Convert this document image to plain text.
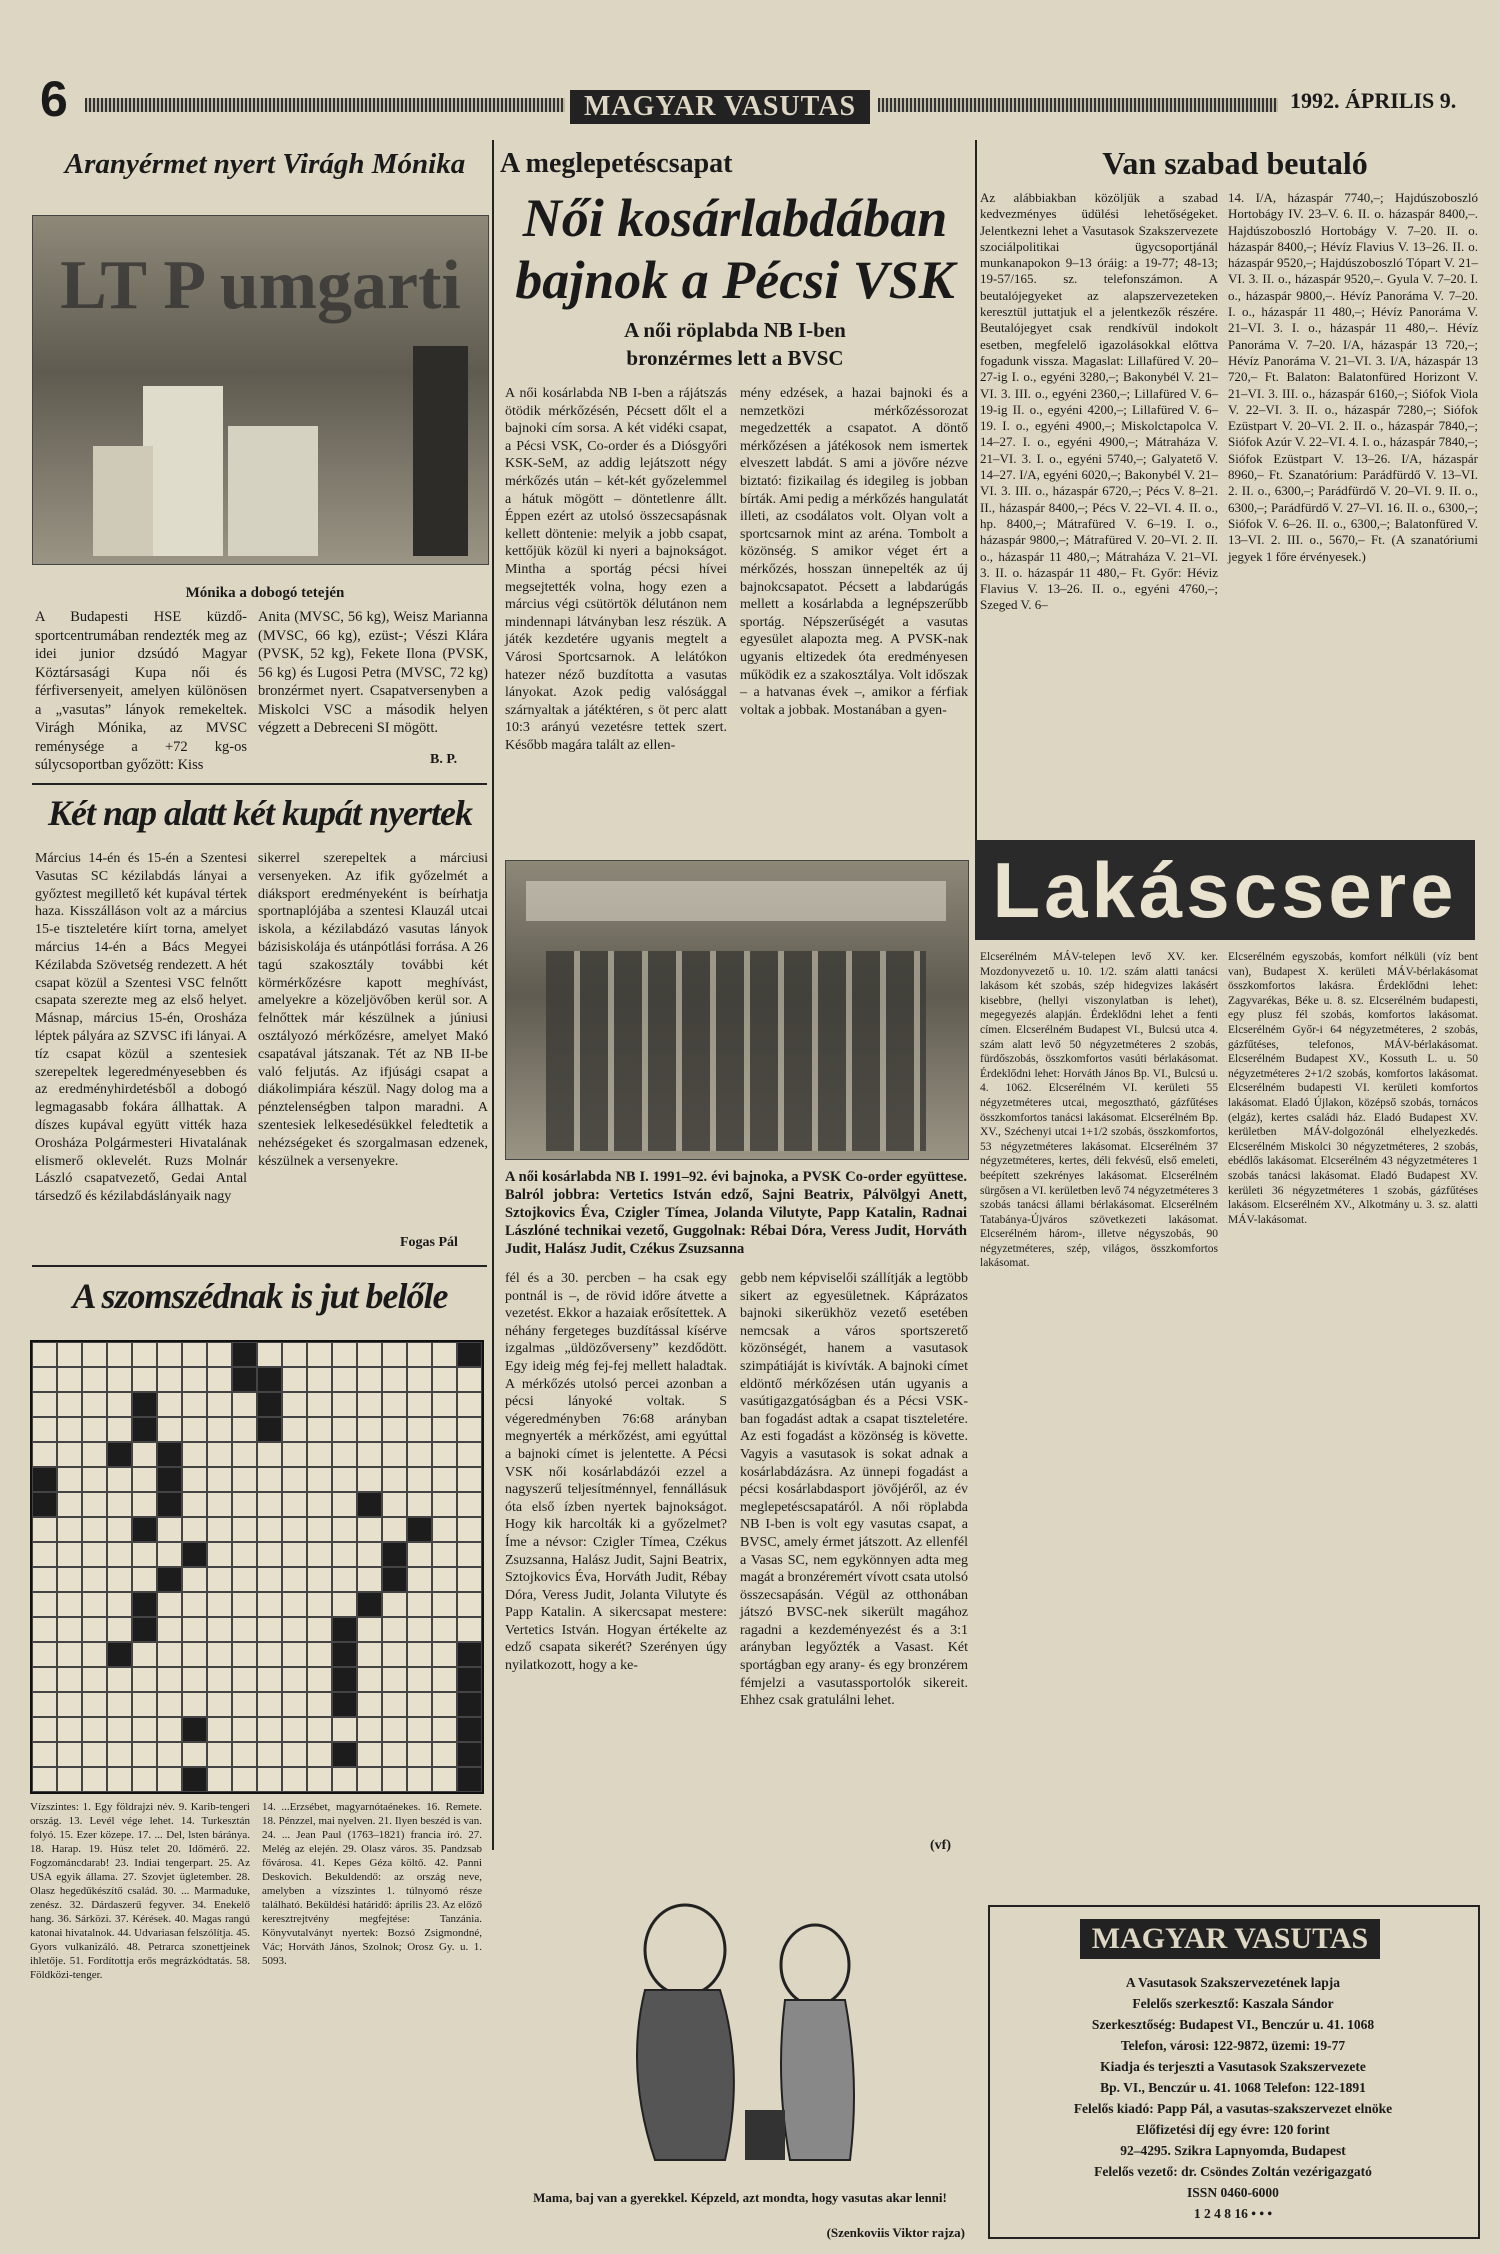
6	MAGYAR VASUTAS	1992. ÁPRILIS 9.
Aranyérmet nyert Virágh Mónika
LT P umgarti
Mónika a dobogó tetején
A Budapesti HSE küzdő-sportcentrumában rendezték meg az idei junior dzsúdó Magyar Köztársasági Kupa női és férfiversenyeit, amelyen különösen a „vasutas” lányok remekeltek. Virágh Mónika, az MVSC reménysége a +72 kg-os súlycsoportban győzött: Kiss
Anita (MVSC, 56 kg), Weisz Marianna (MVSC, 66 kg), ezüst-; Vészi Klára (PVSK, 52 kg), Fekete Ilona (PVSK, 56 kg) és Lugosi Petra (MVSC, 72 kg) bronzérmet nyert. Csapatversenyben a Miskolci VSC a második helyen végzett a Debreceni SI mögött.
B. P.
Két nap alatt két kupát nyertek
Március 14-én és 15-én a Szentesi Vasutas SC kézilabdás lányai a győztest megillető két kupával tértek haza. Kisszálláson volt az a március 15-e tiszteletére kiírt torna, amelyet március 14-én a Bács Megyei Kézilabda Szövetség rendezett. A hét csapat közül a Szentesi VSC felnőtt csapata szerezte meg az első helyet. Másnap, március 15-én, Orosháza léptek pályára az SZVSC ifi lányai. A tíz csapat közül a szentesiek szerepeltek legeredményesebben és az eredményhirdetésből a dobogó legmagasabb fokára állhattak. A díszes kupával együtt vitték haza Orosháza Polgármesteri Hivatalának elismerő oklevelét. Ruzs Molnár László csapatvezető, Gedai Antal társedző és kézilabdáslányaik nagy
sikerrel szerepeltek a márciusi versenyeken. Az ifik győzelmét a diáksport eredményeként is beírhatja sportnaplójába a szentesi Klauzál utcai iskola, a kézilabdázó vasutas lányok bázisiskolája és utánpótlási forrása. A 26 tagú szakosztály további két körmérkőzésre kapott meghívást, amelyekre a közeljövőben kerül sor. A felnőttek már készülnek a júniusi osztályozó mérkőzésre, amelyet Makó csapatával játszanak. Tét az NB II-be való feljutás. Az ifjúsági csapat a diákolimpiára készül. Nagy dolog ma a pénztelenségben talpon maradni. A szentesiek lelkesedésükkel feledtetik a nehézségeket és szorgalmasan edzenek, készülnek a versenyekre.
Fogas Pál
A szomszédnak is jut belőle
Vízszintes: 1. Egy földrajzi név. 9. Karib-tengeri ország. 13. Levél vége lehet. 14. Turkesztán folyó. 15. Ezer közepe. 17. ... Del, lsten báránya. 18. Harap. 19. Húsz telet 20. Időmérő. 22. Fogzománcdarab! 23. Indiai tengerpart. 25. Az USA egyik állama. 27. Szovjet ügletember. 28. Olasz hegedűkészítő család. 30. ... Marmaduke, zenész. 32. Dárdaszerű fegyver. 34. Enekelő hang. 36. Sárközi. 37. Kérések. 40. Magas rangú katonai hivatalnok. 44. Udvariasan felszólítja. 45. Gyors vulkanizáló. 48. Petrarca szonettjeinek ihletője. 51. Fordítottja erős megrázkódtatás. 58. Földközi-tenger.
14. ...Erzsébet, magyarnótaénekes. 16. Remete. 18. Pénzzel, mai nyelven. 21. Ilyen beszéd is van. 24. ... Jean Paul (1763–1821) francia író. 27. Melég az elején. 29. Olasz város. 35. Pandzsab fővárosa. 41. Kepes Géza költő. 42. Panni Deskovich. Bekuldendő: az ország neve, amelyben a vízszintes 1. túlnyomó része található. Beküldési határidő: április 23. Az előző keresztrejtvény megfejtése: Tanzánia. Könyvutalványt nyertek: Bozsó Zsigmondné, Vác; Horváth János, Szolnok; Orosz Gy. u. 1. 5093.
A meglepetéscsapat
Női kosárlabdában
bajnok a Pécsi VSK
A női röplabda NB I-ben
bronzérmes lett a BVSC
A női kosárlabda NB I-ben a rájátszás ötödik mérkőzésén, Pécsett dőlt el a bajnoki cím sorsa. A két vidéki csapat, a Pécsi VSK, Co-order és a Diósgyőri KSK-SeM, az addig lejátszott négy mérkőzés után – két-két győzelemmel a hátuk mögött – döntetlenre állt. Éppen ezért az utolsó összecsapásnak kellett döntenie: melyik a jobb csapat, kettőjük közül ki nyeri a bajnokságot. Mintha a sportág pécsi hívei megsejtették volna, hogy ezen a március végi csütörtök délutánon nem mindennapi látványban lesz részük. A játék kezdetére ugyanis megtelt a Városi Sportcsarnok. A lelátókon hatezer néző buzdította a vasutas lányokat. Azok pedig valósággal szárnyaltak a játéktéren, s öt perc alatt 10:3 arányú vezetésre tettek szert. Később magára talált az ellen-
mény edzések, a hazai bajnoki és a nemzetközi mérkőzéssorozat megedzették a csapatot. A döntő mérkőzésen a játékosok nem ismertek elveszett labdát. S ami a jövőre nézve biztató: fizikailag és idegileg is jobban bírták. Ami pedig a mérkőzés hangulatát illeti, az csodálatos volt. Olyan volt a sportcsarnok mint az aréna. Tombolt a közönség. S amikor véget ért a mérkőzés, hosszan ünnepelték az új bajnokcsapatot. Pécsett a labdarúgás mellett a kosárlabda a legnépszerűbb sportág. Népszerűségét a vasutas egyesület alapozta meg. A PVSK-nak ugyanis eltizedek óta eredményesen működik ez a szakosztálya. Volt időszak – a hatvanas évek –, amikor a férfiak voltak a jobbak. Mostanában a gyen-
A női kosárlabda NB I. 1991–92. évi bajnoka, a PVSK Co-order együttese. Balról jobbra: Vertetics István edző, Sajni Beatrix, Pálvölgyi Anett, Sztojkovics Éva, Czigler Tímea, Jolanda Vilutyte, Papp Katalin, Radnai Lászlóné technikai vezető, Guggolnak: Rébai Dóra, Veress Judit, Horváth Judit, Halász Judit, Czékus Zsuzsanna
fél és a 30. percben – ha csak egy pontnál is –, de rövid időre átvette a vezetést. Ekkor a hazaiak erősítettek. A néhány fergeteges buzdítással kísérve izgalmas „üldözőverseny” kezdődött. Egy ideig még fej-fej mellett haladtak. A mérkőzés utolsó percei azonban a pécsi lányoké voltak. S végeredményben 76:68 arányban megnyerték a mérkőzést, ami egyúttal a bajnoki címet is jelentette. A Pécsi VSK női kosárlabdázói ezzel a nagyszerű teljesítménnyel, fennállásuk óta első ízben nyertek bajnokságot. Hogy kik harcolták ki a győzelmet? Íme a névsor: Czigler Tímea, Czékus Zsuzsanna, Halász Judit, Sajni Beatrix, Sztojkovics Éva, Horváth Judit, Rébay Dóra, Veress Judit, Jolanta Vilutyte és Papp Katalin. A sikercsapat mestere: Vertetics István. Hogyan értékelte az edző csapata sikerét? Szerényen úgy nyilatkozott, hogy a ke-
gebb nem képviselői szállítják a legtöbb sikert az egyesületnek. Káprázatos bajnoki sikerükhöz vezető esetében nemcsak a város sportszerető közönségét, hanem a vasutasok szimpátiáját is kivívták. A bajnoki címet eldöntő mérkőzésen után ugyanis a vasútigazgatóságban és a Pécsi VSK-ban fogadást adtak a csapat tiszteletére. Az esti fogadást a közönség is követte. Vagyis a vasutasok is sokat adnak a kosárlabdázásra. Az ünnepi fogadást a pécsi kosárlabdasport jövőjéről, az év meglepetéscsapatáról. A női röplabda NB I-ben is volt egy vasutas csapat, a BVSC, amely érmet játszott. Az ellenfél a Vasas SC, nem egykönnyen adta meg magát a bronzéremért vívott csata utolsó összecsapásán. Végül az otthonában játszó BVSC-nek sikerült magához ragadni a kezdeményezést és a 3:1 arányban legyőzték a Vasast. Két sportágban egy arany- és egy bronzérem fémjelzi a vasutassportolók sikereit. Ehhez csak gratulálni lehet.
(vf)
Van szabad beutaló
Az alábbiakban közöljük a szabad kedvezményes üdülési lehetőségeket. Jelentkezni lehet a Vasutasok Szakszervezete szociálpolitikai ügycsoportjánál munkanapokon 9–13 óráig: a 19-77; 48-13; 19-57/165. sz. telefonszámon. A beutalójegyeket az alapszervezeteken keresztül juttatjuk el a jelentkezők részére. Beutalójegyet csak rendkívül indokolt esetben, megfelelő igazolásokkal előttva fogadunk vissza. Magaslat: Lillafüred V. 20–27-ig I. o., egyéni 3280,–; Bakonybél V. 21–VI. 3. III. o., egyéni 2360,–; Lillafüred V. 6–19-ig II. o., egyéni 4200,–; Lillafüred V. 6–19. I. o., egyéni 4900,–; Miskolctapolca V. 14–27. I. o., egyéni 4900,–; Mátraháza V. 21–VI. 3. I. o., egyéni 5740,–; Galyatető V. 14–27. I/A, egyéni 6020,–; Bakonybél V. 21–VI. 3. III. o., házaspár 6720,–; Pécs V. 8–21. II., házaspár 8400,–; Pécs V. 22–VI. 4. II. o., hp. 8400,–; Mátrafüred V. 6–19. I. o., házaspár 9800,–; Mátrafüred V. 20–VI. 2. II. o., házaspár 11 480,–; Mátraháza V. 21–VI. 3. II. o. házaspár 11 480,– Ft. Győr: Héviz Flavius V. 13–26. II. o., egyéni 4760,–; Szeged V. 6–
14. I/A, házaspár 7740,–; Hajdúszoboszló Hortobágy IV. 23–V. 6. II. o. házaspár 8400,–. Hajdúszoboszló Hortobágy V. 7–20. II. o. házaspár 8400,–; Hévíz Flavius V. 13–26. II. o. házaspár 9520,–; Hajdúszoboszló Tópart V. 21–VI. 3. II. o., házaspár 9520,–. Gyula V. 7–20. I. o., házaspár 9800,–. Hévíz Panoráma V. 7–20. I. o., házaspár 11 480,–; Hévíz Panoráma V. 21–VI. 3. I. o., házaspár 11 480,–. Hévíz Panoráma V. 7–20. I/A, házaspár 13 720,–; Hévíz Panoráma V. 21–VI. 3. I/A, házaspár 13 720,– Ft. Balaton: Balatonfüred Horizont V. 21–VI. 3. III. o., házaspár 6160,–; Siófok Viola V. 22–VI. 3. II. o., házaspár 7280,–; Siófok Ezüstpart V. 20–VI. 2. II. o., házaspár 7840,–; Siófok Azúr V. 22–VI. 4. I. o., házaspár 7840,–; Siófok Ezüstpart V. 13–26. I/A, házaspár 8960,– Ft. Szanatórium: Parádfürdő V. 13–VI. 2. II. o., 6300,–; Parádfürdő V. 20–VI. 9. II. o., 6300,–; Parádfürdő V. 27–VI. 16. II. o., 6300,–; Siófok V. 6–26. II. o., 6300,–; Balatonfüred V. 13–VI. 2. III. o., 5670,– Ft. (A szanatóriumi jegyek 1 főre érvényesek.)
Lakáscsere
Elcserélném MÁV-telepen levő XV. ker. Mozdonyvezető u. 10. 1/2. szám alatti tanácsi lakásom két szobás, szép hidegvizes lakásért kisebbre, (hellyi viszonylatban is lehet), megegyezés alapján. Érdeklődni lehet a fenti címen. Elcserélném Budapest VI., Bulcsú utca 4. szám alatt levő 50 négyzetméteres 2 szobás, fürdőszobás, összkomfortos vasúti bérlakásomat. Érdeklődni lehet: Horváth János Bp. VI., Bulcsú u. 4. 1062. Elcserélném VI. kerületi 55 négyzetméteres utcai, megosztható, gázfűtéses összkomfortos tanácsi lakásomat. Elcserélném Bp. XV., Széchenyi utcai 1+1/2 szobás, összkomfortos, 53 négyzetméteres lakásomat. Elcserélném 37 négyzetméteres, kertes, déli fekvésű, első emeleti, beépített szekrényes lakásomat. Elcserélném sürgősen a VI. kerületben levő 74 négyzetméteres 3 szobás tanácsi állami bérlakásomat. Elcserélném Tatabánya-Újváros szövetkezeti lakásomat. Elcserélném három-, illetve négyszobás, 90 négyzetméteres, szép, világos, összkomfortos lakásomat.
Elcserélném egyszobás, komfort nélküli (víz bent van), Budapest X. kerületi MÁV-bérlakásomat összkomfortos lakásra. Érdeklődni lehet: Zagyvarékas, Béke u. 8. sz. Elcserélném budapesti, egy plusz fél szobás, komfortos lakásomat. Elcserélném Győr-i 64 négyzetméteres, 2 szobás, gázfűtéses, telefonos, MÁV-bérlakásomat. Elcserélném Budapest XV., Kossuth L. u. 50 négyzetméteres 2+1/2 szobás, komfortos lakásomat. Elcserélném budapesti VI. kerületi komfortos lakásomat. Eladó Újlakon, középső szobás, tornácos (elgáz), kertes családi ház. Eladó Budapest XV. kerületben MÁV-dolgozónál elhelyezkedés. Elcserélném Miskolci 30 négyzetméteres, 2 szobás, ebédlős lakásomat. Elcserélném 43 négyzetméteres 1 szobás tanácsi lakásomat. Eladó Budapest XV. kerületi 36 négyzetméteres 1 szobás, gázfűtéses lakásom. Elcserélném XV., Alkotmány u. 3. sz. alatti MÁV-lakásomat.
Mama, baj van a gyerekkel. Képzeld, azt mondta, hogy vasutas akar lenni!
(Szenkoviis Viktor rajza)
MAGYAR VASUTAS
A Vasutasok Szakszervezetének lapja
Felelős szerkesztő: Kaszala Sándor
Szerkesztőség: Budapest VI., Benczúr u. 41. 1068
Telefon, városi: 122-9872, üzemi: 19-77
Kiadja és terjeszti a Vasutasok Szakszervezete
Bp. VI., Benczúr u. 41. 1068 Telefon: 122-1891
Felelős kiadó: Papp Pál, a vasutas-szakszervezet elnöke
Előfizetési díj egy évre: 120 forint
92–4295. Szikra Lapnyomda, Budapest
Felelős vezető: dr. Csöndes Zoltán vezérigazgató
ISSN 0460-6000
1 2 4 8 16 • • •
